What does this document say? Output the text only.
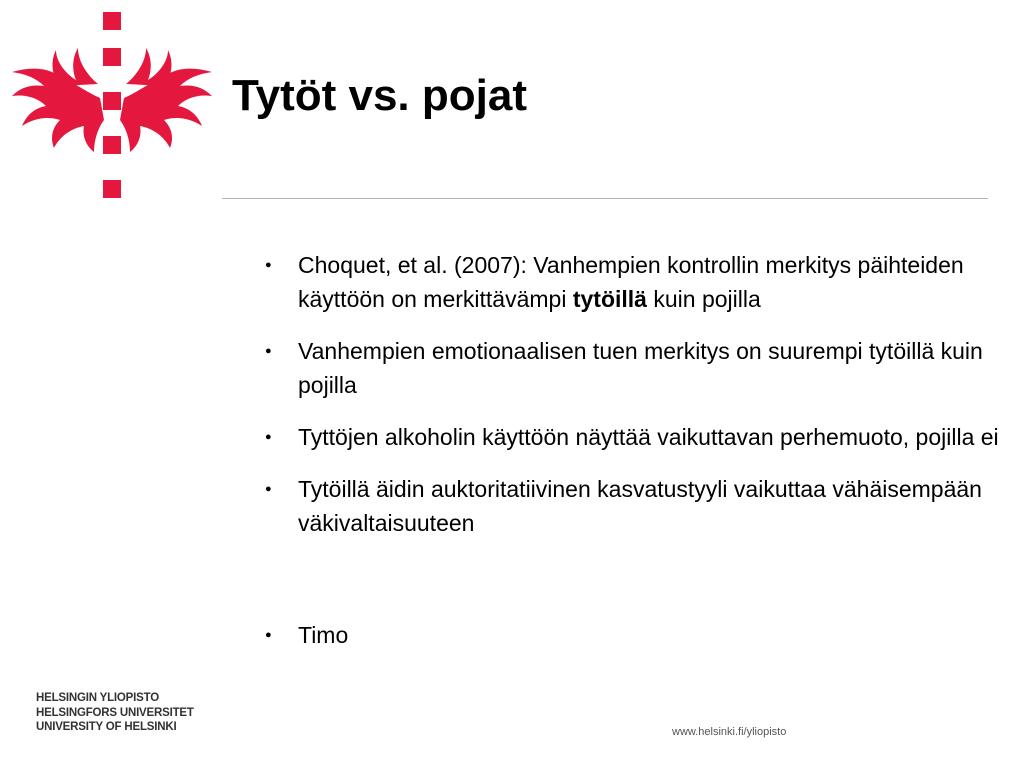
Tytöt vs. pojat
● Choquet, et al. (2007): Vanhempien kontrollin merkitys päihteiden käyttöön on merkittävämpi tytöillä kuin pojilla
● Vanhempien emotionaalisen tuen merkitys on suurempi tytöillä kuin pojilla
● Tyttöjen alkoholin käyttöön näyttää vaikuttavan perhemuoto, pojilla ei
● Tytöillä äidin auktoritatiivinen kasvatustyyli vaikuttaa vähäisempään väkivaltaisuuteen
● Timo
HELSINGIN YLIOPISTO
HELSINGFORS UNIVERSITET
UNIVERSITY OF HELSINKI	www.helsinki.fi/yliopisto
